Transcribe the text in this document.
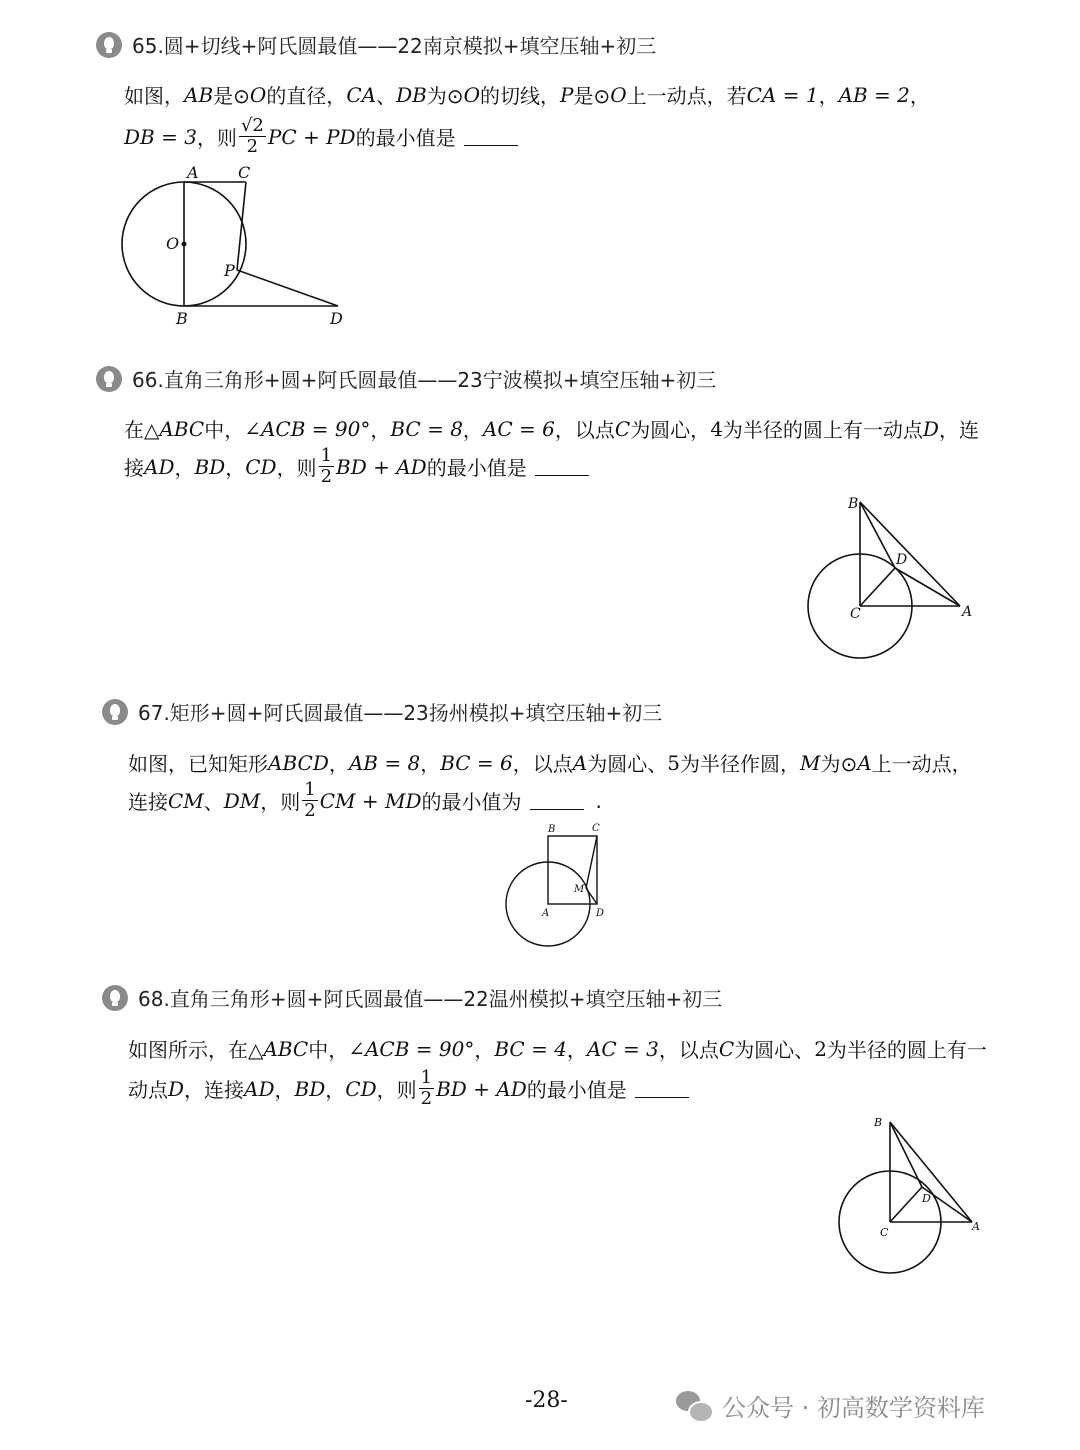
65.圆+切线+阿氏圆最值——22南京模拟+填空压轴+初三
如图， AB 是⊙ O 的直径， CA 、 DB 为⊙ O 的切线， P 是⊙ O 上一动点，若 CA = 1 ， AB = 2 ，
DB = 3 ，则 $\frac{√2}{2}$ PC + PD 的最小值是
A C
O
P
B	D
66.直角三角形+圆+阿氏圆最值——23宁波模拟+填空压轴+初三
在△ ABC 中， ∠ACB = 90° ， BC = 8 ， AC = 6 ，以点 C 为圆心， 4 为半径的圆上有一动点 D ，连
接 AD ， BD ， CD ，则 $\frac{1}{2}$ BD + AD 的最小值是
B
D
C	A
67.矩形+圆+阿氏圆最值——23扬州模拟+填空压轴+初三
如图，已知矩形 ABCD ， AB = 8 ， BC = 6 ，以点 A 为圆心、 5 为半径作圆， M 为⊙ A 上一动点，
连接 CM 、 DM ，则 $\frac{1}{2}$ CM + MD 的最小值为	.
B	C
M
A	D
68.直角三角形+圆+阿氏圆最值——22温州模拟+填空压轴+初三
如图所示，在△ ABC 中， ∠ACB = 90° ， BC = 4 ， AC = 3 ，以点 C 为圆心、 2 为半径的圆上有一
动点 D ，连接 AD ， BD ， CD ，则 $\frac{1}{2}$ BD + AD 的最小值是
B
D
C	A
-28-	公众号 · 初高数学资料库
